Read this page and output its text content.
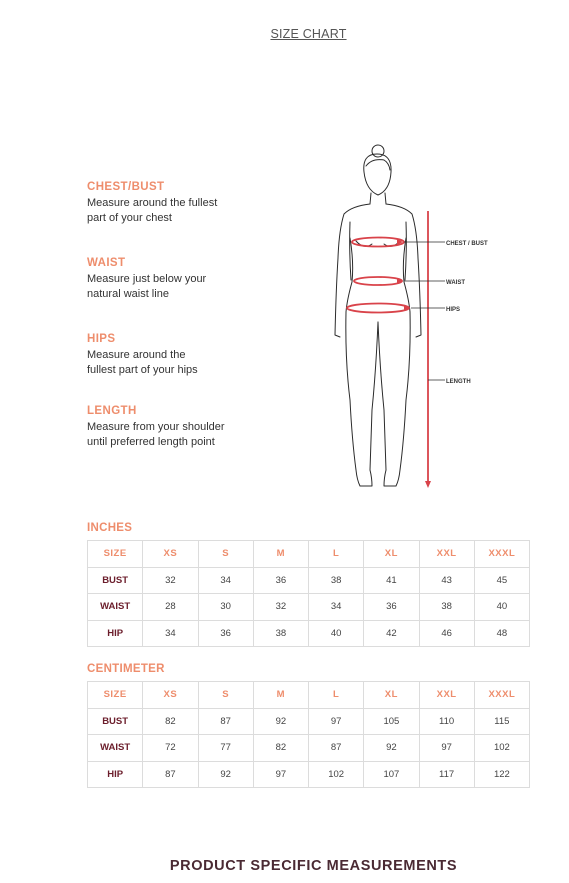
SIZE CHART
CHEST/BUST

Measure around the fullest
part of your chest

WAIST

Measure just below your
natural waist line

HIPS

Measure around the
fullest part of your hips

LENGTH

Measure from your shoulder
until preferred length point

CHEST / BUST
WAIST
HIPS
LENGTH
INCHES
SIZE	XS	S	M	L	XL	XXL	XXXL
BUST	32	34	36	38	41	43	45
WAIST	28	30	32	34	36	38	40
HIP	34	36	38	40	42	46	48
CENTIMETER
SIZE	XS	S	M	L	XL	XXL	XXXL
BUST	82	87	92	97	105	110	115
WAIST	72	77	82	87	92	97	102
HIP	87	92	97	102	107	117	122
PRODUCT SPECIFIC MEASUREMENTS
